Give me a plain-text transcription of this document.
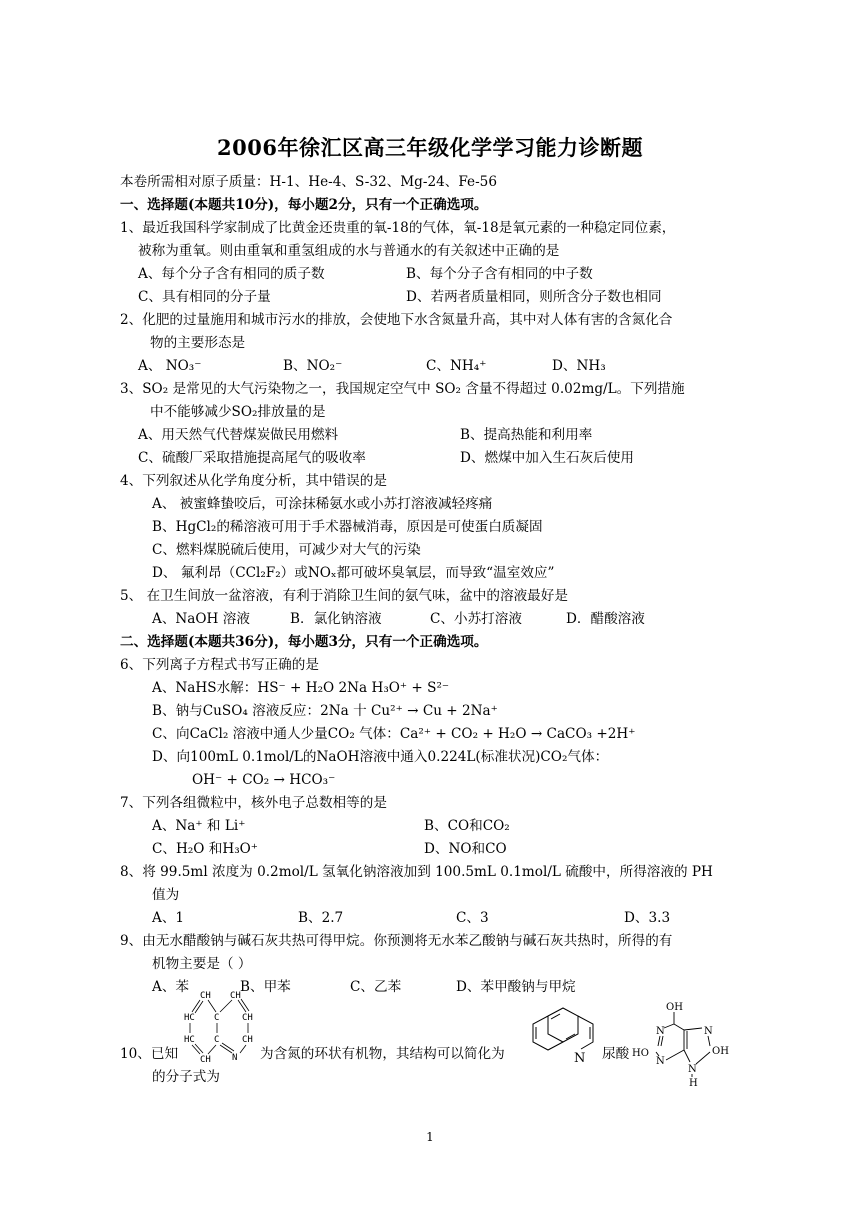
2006年徐汇区高三年级化学学习能力诊断题
本卷所需相对原子质量：H-1、He-4、S-32、Mg-24、Fe-56
一、选择题(本题共10分)，每小题2分，只有一个正确选项。
1、最近我国科学家制成了比黄金还贵重的氧-18的气体，氧-18是氧元素的一种稳定同位素，
被称为重氧。则由重氧和重氢组成的水与普通水的有关叙述中正确的是
A、每个分子含有相同的质子数	B、每个分子含有相同的中子数
C、具有相同的分子量	D、若两者质量相同，则所含分子数也相同
2、化肥的过量施用和城市污水的排放，会使地下水含氮量升高，其中对人体有害的含氮化合
物的主要形态是
A、 NO₃⁻	B、NO₂⁻	C、NH₄⁺	D、NH₃
3、SO₂ 是常见的大气污染物之一，我国规定空气中 SO₂ 含量不得超过 0.02mg/L。下列措施
中不能够减少SO₂排放量的是
A、用天然气代替煤炭做民用燃料	B、提高热能和利用率
C、硫酸厂采取措施提高尾气的吸收率	D、燃煤中加入生石灰后使用
4、下列叙述从化学角度分析，其中错误的是
A、 被蜜蜂蛰咬后，可涂抹稀氨水或小苏打溶液减轻疼痛
B、HgCl₂的稀溶液可用于手术器械消毒，原因是可使蛋白质凝固
C、燃料煤脱硫后使用，可减少对大气的污染
D、 氟利昂（CCl₂F₂）或NOₓ都可破坏臭氧层，而导致“温室效应”
5、 在卫生间放一盆溶液，有利于消除卫生间的氨气味，盆中的溶液最好是
A、NaOH 溶液	B．氯化钠溶液	C、小苏打溶液	D．醋酸溶液
二、选择题(本题共36分)，每小题3分，只有一个正确选项。
6、下列离子方程式书写正确的是
A、NaHS水解：HS⁻ + H₂O 2Na H₃O⁺ + S²⁻
B、钠与CuSO₄ 溶液反应：2Na 十 Cu²⁺ → Cu + 2Na⁺
C、向CaCl₂ 溶液中通人少量CO₂ 气体：Ca²⁺ + CO₂ + H₂O → CaCO₃ +2H⁺
D、向100mL 0.1mol/L的NaOH溶液中通入0.224L(标准状况)CO₂气体：
OH⁻ + CO₂ → HCO₃⁻
7、下列各组微粒中，核外电子总数相等的是
A、Na⁺ 和 Li⁺	B、CO和CO₂
C、H₂O 和H₃O⁺	D、NO和CO
8、将 99.5ml 浓度为 0.2mol/L 氢氧化钠溶液加到 100.5mL 0.1mol/L 硫酸中，所得溶液的 PH
值为
A、1	B、2.7	C、3	D、3.3
9、由无水醋酸钠与碱石灰共热可得甲烷。你预测将无水苯乙酸钠与碱石灰共热时，所得的有
机物主要是（ ）
A、苯	B、甲苯	C、乙苯	D、苯甲酸钠与甲烷
10、已知
CH CH
HC C	CH
HC C	CH
CH N 为含氮的环状有机物，其结构可以简化为	N 尿酸
OH
N	N
HO	OH
N
N
H
的分子式为
1
